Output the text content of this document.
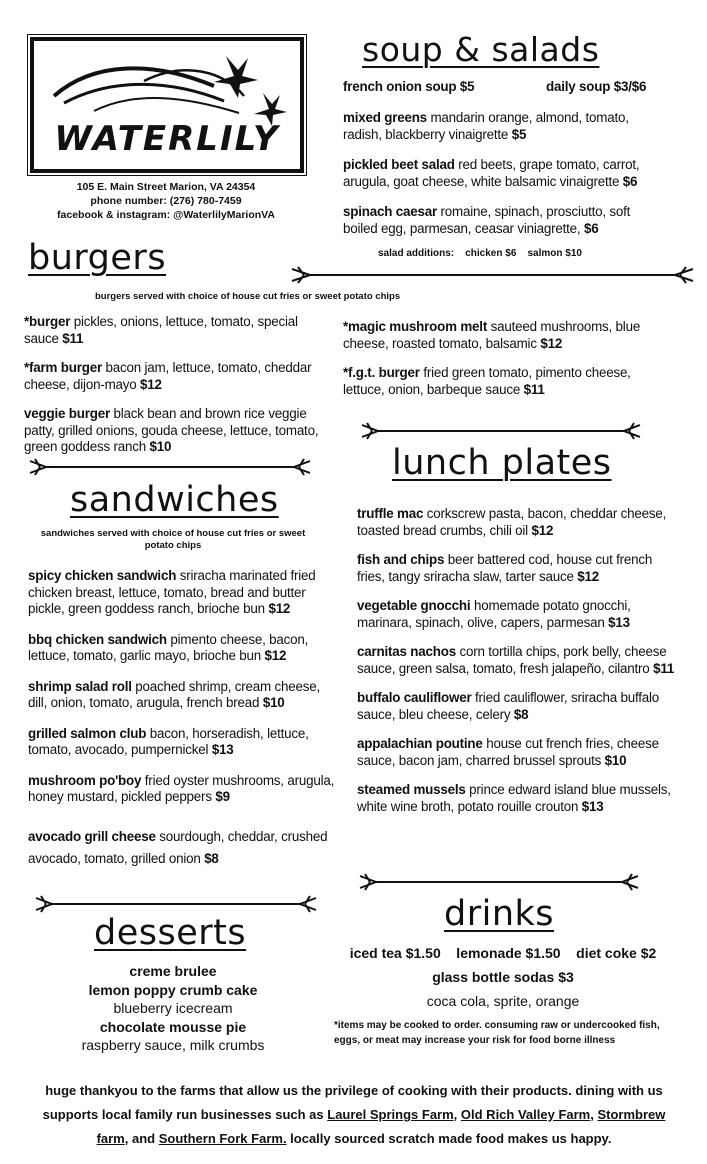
WATERLILY
105 E. Main Street Marion, VA 24354
phone number: (276) 780-7459
facebook & instagram: @WaterlilyMarionVA
soup & salads
french onion soup $5	daily soup $3/$6

mixed greens mandarin orange, almond, tomato, radish, blackberry vinaigrette $5

pickled beet salad red beets, grape tomato, carrot, arugula, goat cheese, white balsamic vinaigrette $6

spinach caesar romaine, spinach, prosciutto, soft boiled egg, parmesan, ceasar viniagrette, $6

salad additions:    chicken $6    salmon $10
burgers
burgers served with choice of house cut fries or sweet potato chips

*burger pickles, onions, lettuce, tomato, special sauce $11

*farm burger bacon jam, lettuce, tomato, cheddar cheese, dijon-mayo $12

veggie burger black bean and brown rice veggie patty, grilled onions, gouda cheese, lettuce, tomato, green goddess ranch $10

*magic mushroom melt sauteed mushrooms, blue cheese, roasted tomato, balsamic $12

*f.g.t. burger fried green tomato, pimento cheese, lettuce, onion, barbeque sauce $11

sandwiches
sandwiches served with choice of house cut fries or sweet potato chips

spicy chicken sandwich sriracha marinated fried chicken breast, lettuce, tomato, bread and butter pickle, green goddess ranch, brioche bun $12

bbq chicken sandwich pimento cheese, bacon, lettuce, tomato, garlic mayo, brioche bun $12

shrimp salad roll poached shrimp, cream cheese, dill, onion, tomato, arugula, french bread $10

grilled salmon club bacon, horseradish, lettuce, tomato, avocado, pumpernickel $13

mushroom po'boy fried oyster mushrooms, arugula, honey mustard, pickled peppers $9

avocado grill cheese sourdough, cheddar, crushed avocado, tomato, grilled onion $8

lunch plates

truffle mac corkscrew pasta, bacon, cheddar cheese, toasted bread crumbs, chili oil $12

fish and chips beer battered cod, house cut french fries, tangy sriracha slaw, tarter sauce $12

vegetable gnocchi homemade potato gnocchi, marinara, spinach, olive, capers, parmesan $13

carnitas nachos corn tortilla chips, pork belly, cheese sauce, green salsa, tomato, fresh jalapeño, cilantro $11

buffalo cauliflower fried cauliflower, sriracha buffalo sauce, bleu cheese, celery $8

appalachian poutine house cut french fries, cheese sauce, bacon jam, charred brussel sprouts $10

steamed mussels prince edward island blue mussels, white wine broth, potato rouille crouton $13

desserts
creme brulee
lemon poppy crumb cake
blueberry icecream
chocolate mousse pie
raspberry sauce, milk crumbs
drinks
iced tea $1.50    lemonade $1.50    diet coke $2
glass bottle sodas $3
coca cola, sprite, orange
*items may be cooked to order. consuming raw or undercooked fish, eggs, or meat may increase your risk for food borne illness
huge thankyou to the farms that allow us the privilege of cooking with their products. dining with us supports local family run businesses such as Laurel Springs Farm, Old Rich Valley Farm, Stormbrew farm, and Southern Fork Farm. locally sourced scratch made food makes us happy.
